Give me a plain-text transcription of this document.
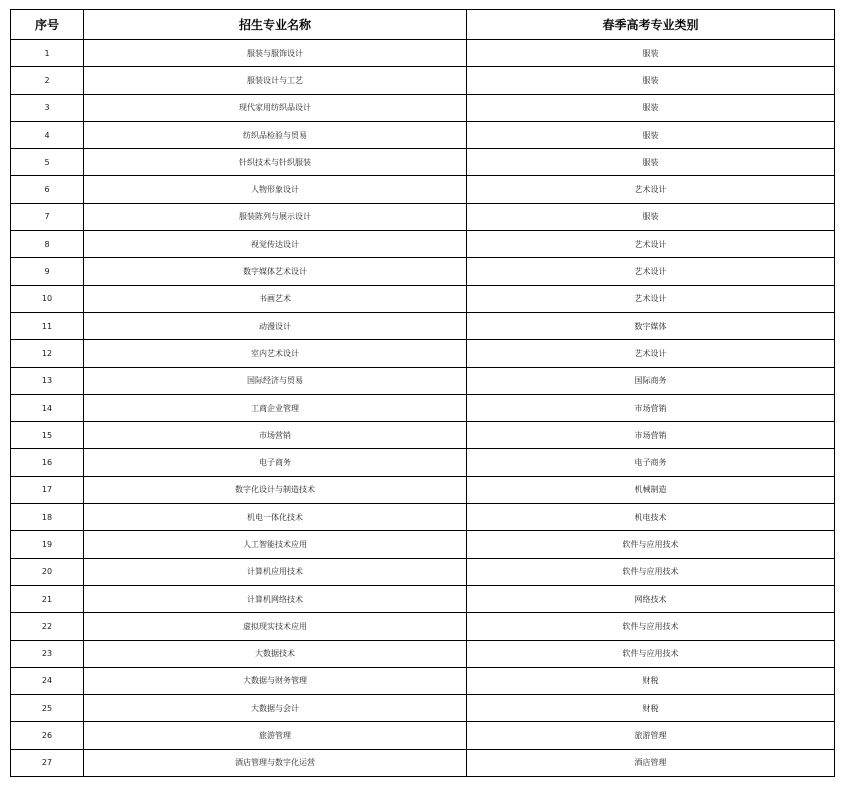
序号	招生专业名称	春季高考专业类别
1	服装与服饰设计	服装
2	服装设计与工艺	服装
3	现代家用纺织品设计	服装
4	纺织品检验与贸易	服装
5	针织技术与针织服装	服装
6	人物形象设计	艺术设计
7	服装陈列与展示设计	服装
8	视觉传达设计	艺术设计
9	数字媒体艺术设计	艺术设计
10	书画艺术	艺术设计
11	动漫设计	数字媒体
12	室内艺术设计	艺术设计
13	国际经济与贸易	国际商务
14	工商企业管理	市场营销
15	市场营销	市场营销
16	电子商务	电子商务
17	数字化设计与制造技术	机械制造
18	机电一体化技术	机电技术
19	人工智能技术应用	软件与应用技术
20	计算机应用技术	软件与应用技术
21	计算机网络技术	网络技术
22	虚拟现实技术应用	软件与应用技术
23	大数据技术	软件与应用技术
24	大数据与财务管理	财税
25	大数据与会计	财税
26	旅游管理	旅游管理
27	酒店管理与数字化运营	酒店管理
